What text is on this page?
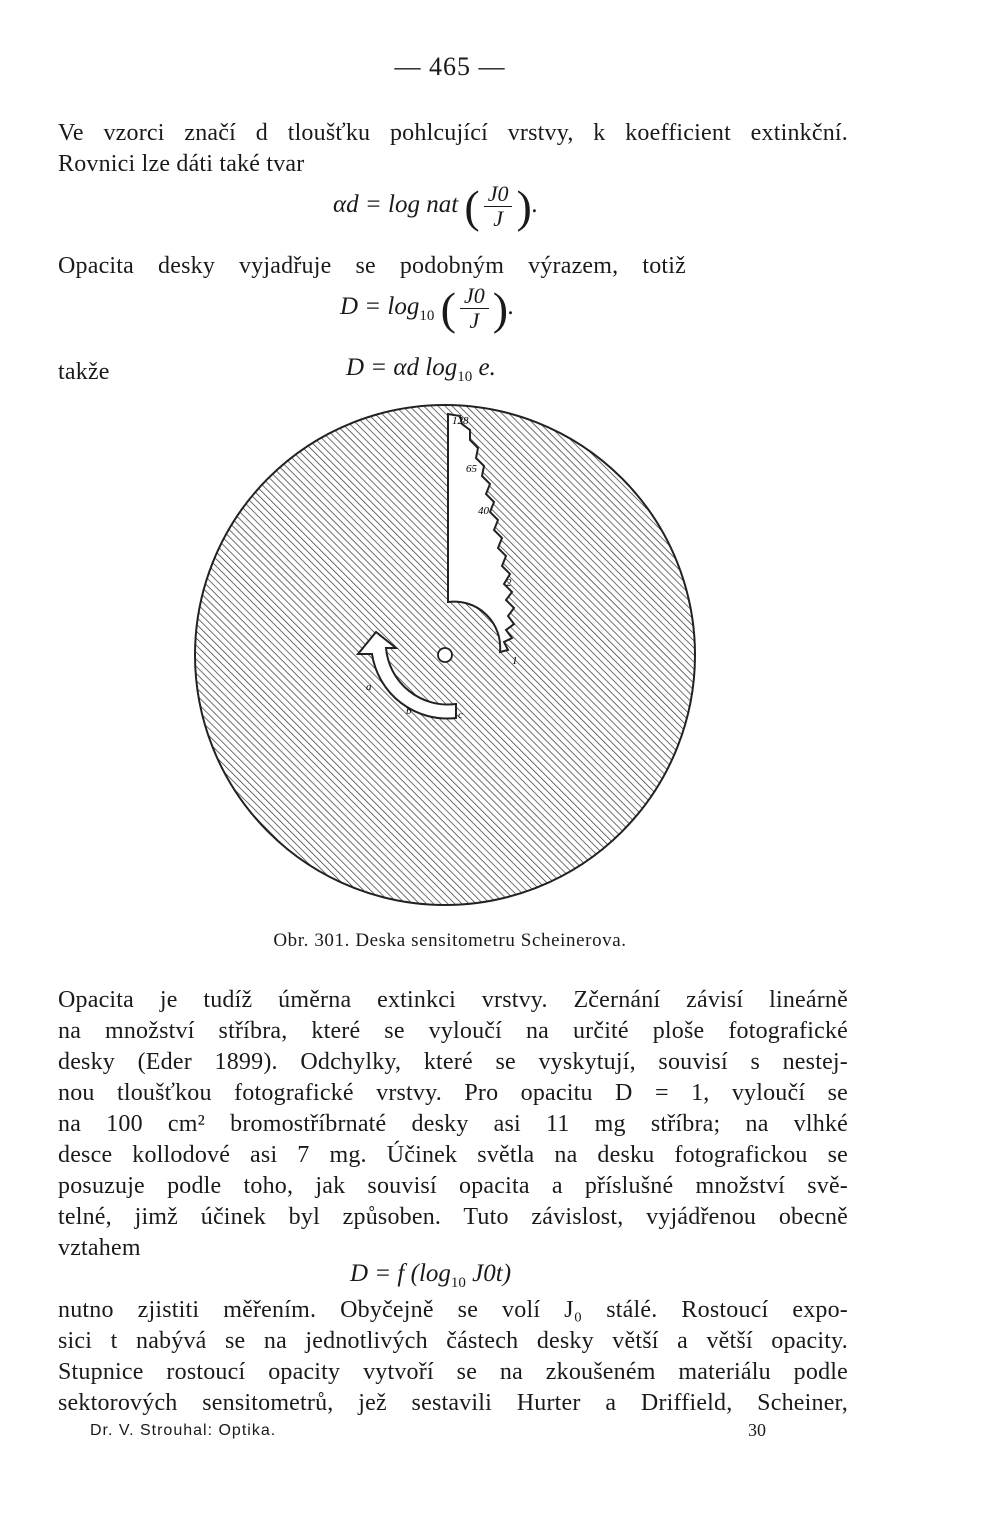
— 465 —
Ve vzorci značí d tloušťku pohlcující vrstvy, k koefficient extinkční.
Rovnici lze dáti také tvar
αd = log nat ( $\frac{J0}{J}$ ).
Opacita desky vyjadřuje se podobným výrazem, totiž
$D = \log_{10}$ ( $\frac{J0}{J}$ ).
takže	D = αd $\log_{10} e$.
128
65
40
2
1
a
b	c
Obr. 301. Deska sensitometru Scheinerova.
Opacita je tudíž úměrna extinkci vrstvy. Zčernání závisí lineárně
na množství stříbra, které se vyloučí na určité ploše fotografické
desky (Eder 1899). Odchylky, které se vyskytují, souvisí s nestej-
nou tloušťkou fotografické vrstvy. Pro opacitu D = 1, vyloučí se
na 100 cm² bromostříbrnaté desky asi 11 mg stříbra; na vlhké
desce kollodové asi 7 mg. Účinek světla na desku fotografickou se
posuzuje podle toho, jak souvisí opacita a příslušné množství svě-
telné, jimž účinek byl způsoben. Tuto závislost, vyjádřenou obecně
vztahem
D = f ($\log_{10}$ J0t)
nutno zjistiti měřením. Obyčejně se volí J₀ stálé. Rostoucí expo-
sici t nabývá se na jednotlivých částech desky větší a větší opacity.
Stupnice rostoucí opacity vytvoří se na zkoušeném materiálu podle
sektorových sensitometrů, jež sestavili Hurter a Driffield, Scheiner,
Dr. V. Strouhal: Optika.	30
